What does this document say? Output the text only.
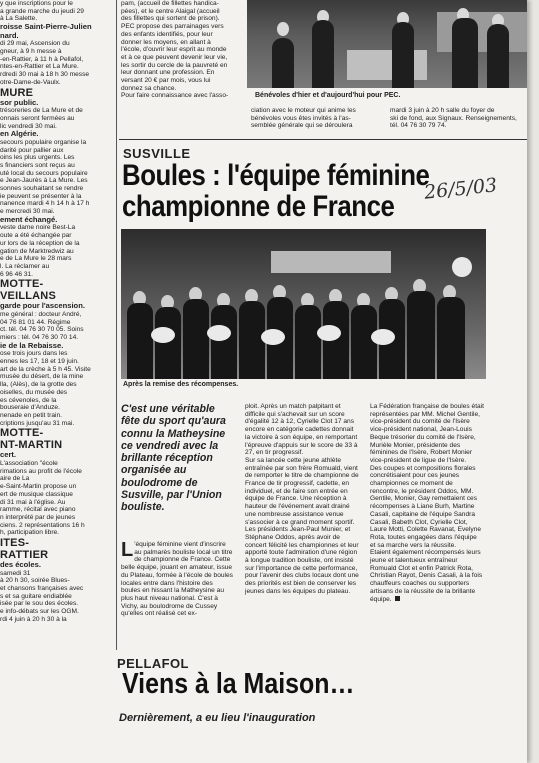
y que inscriptions pour le
a grande marche du jeudi 29
à La Salette.
roisse Saint-Pierre-Julien
nard.
di 29 mai, Ascension du
gneur, à 9 h messe à
-en-Rattier, à 11 h à Pellafol,
ntes-en-Rattier et La Mure.
rdredi 30 mai à 18 h 30 messe
otre-Dame-de-Vaulx.
MURE
sor public.
trésoreries de La Mure et de
onnais seront fermées au
lic vendredi 30 mai.
en Algérie.
secours populaire organise la
darité pour pallier aux
oins les plus urgents. Les
s financiers sont reçus au
uté local du secours populaire
e Jean-Jaurès à La Mure. Les
sonnes souhaitant se rendre
ie peuvent se présenter à la
nanence mardi 4 h 14 h à 17 h
e mercredi 30 mai.
ement échangé.
veste dame noire Best-La
oute a été échangée par
ur lors de la réception de la
gation de Marktredwiz au
e de La Mure le 28 mars
l. La réclamer au
6 96 46 31.
MOTTE-
VEILLANS
garde pour l'ascension.
me général : docteur André,
04 76 81 01 44. Régime
ct. tél. 04 76 30 70 05. Soins
miers : tél. 04 76 30 70 14.
ie de la Rebaisse.
ose trois jours dans les
ennes les 17, 18 et 19 juin.
art de la crèche à 5 h 45. Visite
musée du désert, de la mine
lla, (Alès), de la grotte des
oiselles, du musée des
es cévenoles, de la
bouseraie d'Anduze.
nenade en petit train.
criptions jusqu'au 31 mai.
MOTTE-
NT-MARTIN
cert.
L'association "école
rimations au profit de l'école
aire de La
e-Saint-Martin propose un
ert de musique classique
di 31 mai à l'église. Au
ramme, récital avec piano
n interprété par de jeunes
ciens. 2 représentations 16 h
h, participation libre.
ITES-
RATTIER
des écoles.
samedi 31
à 20 h 30, soirée Blues-
et chansons françaises avec
s et sa guitare endiablée
isée par le sou des écoles.
e info-débats sur les OGM.
rdi 4 juin à 20 h 30 à la
pam, (accueil de fillettes handica-
pées), et le centre Alaigal (accueil
des fillettes qui sortent de prison).
PEC propose des parrainages vers
des enfants identifiés, pour leur
donner les moyens, en allant à
l'école, d'ouvrir leur esprit au monde
et à ce que peuvent devenir leur vie,
les sortir du cercle de la pauvreté en
leur donnant une profession. En
versant 20 € par mois, vous lui
donnez sa chance.
Pour faire connaissance avec l'asso-	Bénévoles d'hier et d'aujourd'hui pour PEC.
ciation avec le moteur qui anime les
bénévoles vous êtes invités à l'as-
semblée générale qui se déroulera
mardi 3 juin à 20 h salle du foyer de
ski de fond, aux Signaux. Renseignements, tél. 04 76 30 79 74.
SUSVILLE
Boules : l'équipe féminine
championne de France
26/5/03
Après la remise des récompenses.
C'est une véritable fête du sport qu'aura connu la Matheysine ce vendredi avec la brillante réception organisée au boulodrome de Susville, par l'Union bouliste.
L 'équipe féminine vient d'inscrire au palmarès bouliste local un titre de championne de France. Cette belle équipe, jouant en amateur, issue du Plateau, formée à l'école de boules locales entre dans l'histoire des boules en hissant la Matheysine au plus haut niveau national. C'est à Vichy, au boulodrome de Cussey qu'elles ont réalisé cet ex-

ploit. Après un match palpitant et difficile qui s'achevait sur un score d'égalité 12 à 12, Cyrielle Clot 17 ans encore en catégorie cadettes donnait la victoire à son équipe, en remportant l'épreuve d'appuis sur le score de 33 à 27, en tir progressif.

Sur sa lancée cette jeune athlète entraînée par son frère Romuald, vient de remporter le titre de championne de France de tir progressif, cadette, en individuel, et de faire son entrée en équipe de France. Une réception à hauteur de l'événement avait drainé une nombreuse assistance venue s'associer à ce grand moment sportif.

Les présidents Jean-Paul Munier, et Stéphane Oddos, après avoir de concert félicité les championnes et leur apporté toute l'admiration d'une région à longue tradition bouliste, ont insisté sur l'importance de cette performance, pour l'avenir des clubs locaux dont une des priorités est bien de conserver les jeunes dans les équipes du plateau.

La Fédération française de boules était représentées par MM. Michel Gentile, vice-président du comité de l'Isère vice-président national, Jean-Louis Beque trésorier du comité de l'Isère, Murièle Monier, présidente des féminines de l'Isère, Robert Monier vice-président de ligue de l'Isère.

Des coupes et compositions florales concrétisaient pour ces jeunes championnes ce moment de rencontre, le président Oddos, MM. Gentile, Monier, Gay remettaient ces récompenses à Liane Burh, Martine Casali, capitaine de l'équipe Sandra Casali, Babeth Clot, Cyrielle Clot, Laure Motti, Colette Ravanat, Evelyne Rota, toutes engagées dans l'équipe et sa marche vers la réussite.

Etaient également récompensés leurs jeune et talentueux entraîneur Romuald Clot et enfin Patrick Rota, Christian Rayot, Denis Casali, à la fois chauffeurs coaches ou supporters artisans de la réussite de la brillante équipe.

PELLAFOL
Viens à la Maison…
Dernièrement, a eu lieu l'inauguration
